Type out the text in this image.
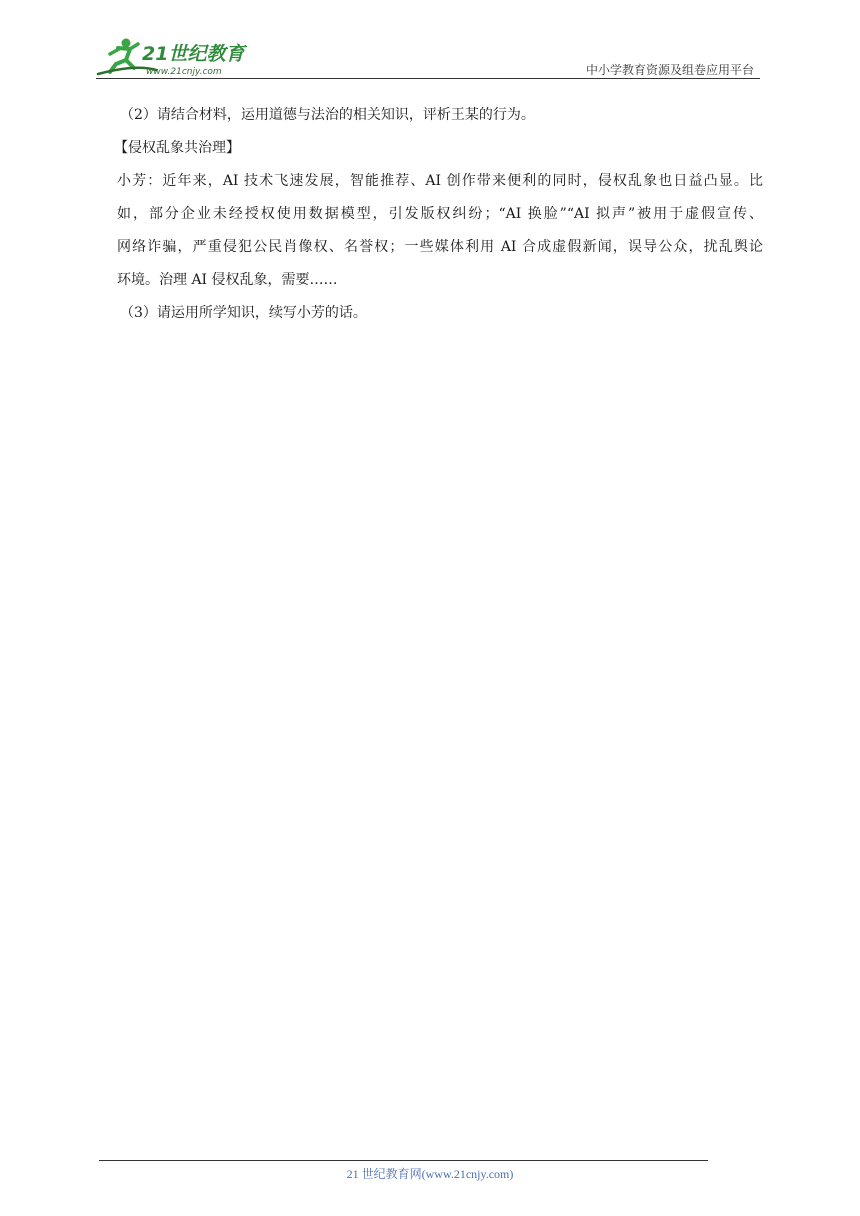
21世纪教育
www.21cnjy.com	中小学教育资源及组卷应用平台
（2）请结合材料，运用道德与法治的相关知识，评析王某的行为。
【侵权乱象共治理】
小芳：近年来，AI 技术飞速发展，智能推荐、AI 创作带来便利的同时，侵权乱象也日益凸显。比
如，部分企业未经授权使用数据模型，引发版权纠纷；“AI 换脸”“AI 拟声”被用于虚假宣传、
网络诈骗，严重侵犯公民肖像权、名誉权；一些媒体利用 AI 合成虚假新闻，误导公众，扰乱舆论
环境。治理 AI 侵权乱象，需要……
（3）请运用所学知识，续写小芳的话。
21 世纪教育网(www.21cnjy.com)
